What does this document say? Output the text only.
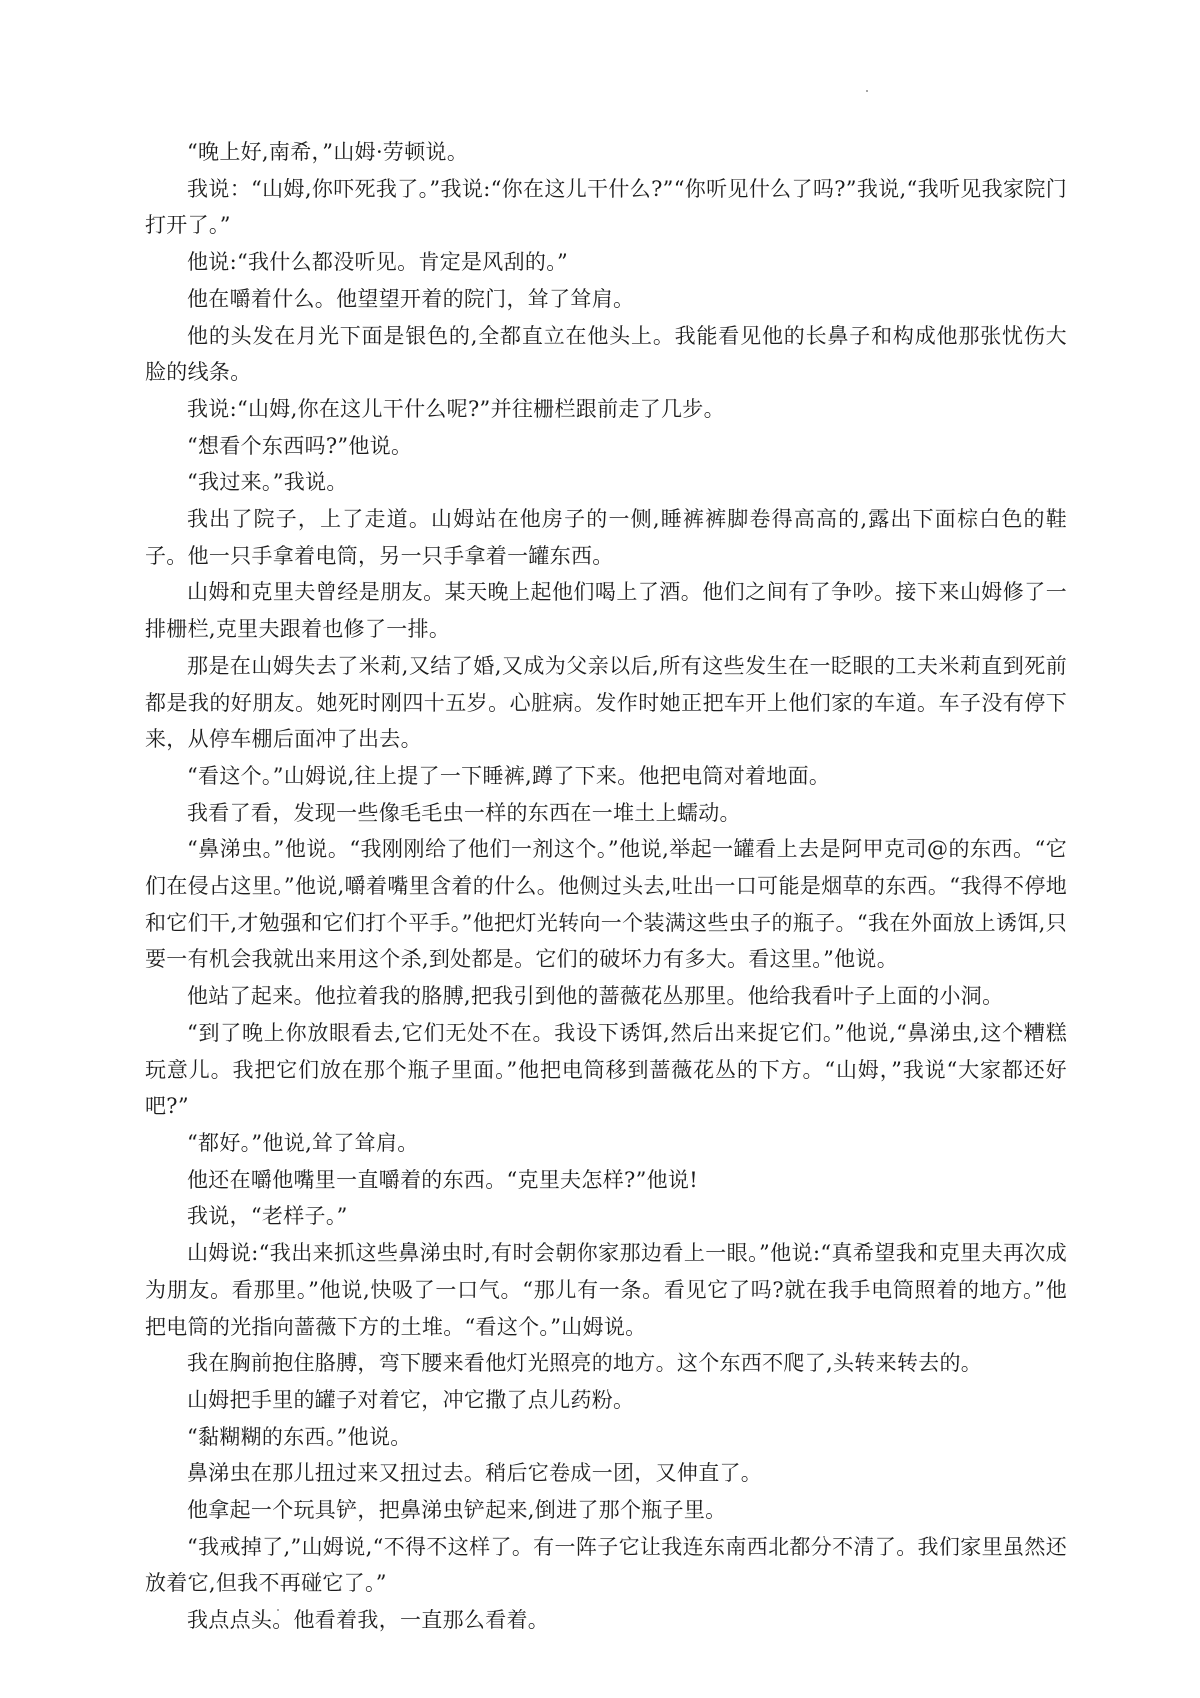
“晚上好,南希，”山姆·劳顿说。

我说：“山姆,你吓死我了。”我说:“你在这儿干什么?”“你听见什么了吗?”我说,“我听见我家院门打开了。”

他说:“我什么都没听见。肯定是风刮的。”

他在嚼着什么。他望望开着的院门，耸了耸肩。

他的头发在月光下面是银色的,全都直立在他头上。我能看见他的长鼻子和构成他那张忧伤大脸的线条。

我说:“山姆,你在这儿干什么呢?”并往栅栏跟前走了几步。

“想看个东西吗?”他说。

“我过来。”我说。

我出了院子，上了走道。山姆站在他房子的一侧,睡裤裤脚卷得高高的,露出下面棕白色的鞋子。他一只手拿着电筒，另一只手拿着一罐东西。

山姆和克里夫曾经是朋友。某天晚上起他们喝上了酒。他们之间有了争吵。接下来山姆修了一排栅栏,克里夫跟着也修了一排。

那是在山姆失去了米莉,又结了婚,又成为父亲以后,所有这些发生在一眨眼的工夫米莉直到死前都是我的好朋友。她死时刚四十五岁。心脏病。发作时她正把车开上他们家的车道。车子没有停下来，从停车棚后面冲了出去。

“看这个。”山姆说,往上提了一下睡裤,蹲了下来。他把电筒对着地面。

我看了看，发现一些像毛毛虫一样的东西在一堆土上蠕动。

“鼻涕虫。”他说。“我刚刚给了他们一剂这个。”他说,举起一罐看上去是阿甲克司@的东西。“它们在侵占这里。”他说,嚼着嘴里含着的什么。他侧过头去,吐出一口可能是烟草的东西。“我得不停地和它们干,才勉强和它们打个平手。”他把灯光转向一个装满这些虫子的瓶子。“我在外面放上诱饵,只要一有机会我就出来用这个杀,到处都是。它们的破坏力有多大。看这里。”他说。

他站了起来。他拉着我的胳膊,把我引到他的蔷薇花丛那里。他给我看叶子上面的小洞。

“到了晚上你放眼看去,它们无处不在。我设下诱饵,然后出来捉它们。”他说,“鼻涕虫,这个糟糕玩意儿。我把它们放在那个瓶子里面。”他把电筒移到蔷薇花丛的下方。“山姆，”我说“大家都还好吧?”

“都好。”他说,耸了耸肩。

他还在嚼他嘴里一直嚼着的东西。“克里夫怎样?”他说!

我说，“老样子。”

山姆说:“我出来抓这些鼻涕虫时,有时会朝你家那边看上一眼。”他说:“真希望我和克里夫再次成为朋友。看那里。”他说,快吸了一口气。“那儿有一条。看见它了吗?就在我手电筒照着的地方。”他把电筒的光指向蔷薇下方的土堆。“看这个。”山姆说。

我在胸前抱住胳膊，弯下腰来看他灯光照亮的地方。这个东西不爬了,头转来转去的。

山姆把手里的罐子对着它，冲它撒了点儿药粉。

“黏糊糊的东西。”他说。

鼻涕虫在那儿扭过来又扭过去。稍后它卷成一团，又伸直了。

他拿起一个玩具铲，把鼻涕虫铲起来,倒进了那个瓶子里。

“我戒掉了,”山姆说,“不得不这样了。有一阵子它让我连东南西北都分不清了。我们家里虽然还放着它,但我不再碰它了。”

我点点头。他看着我，一直那么看着。
